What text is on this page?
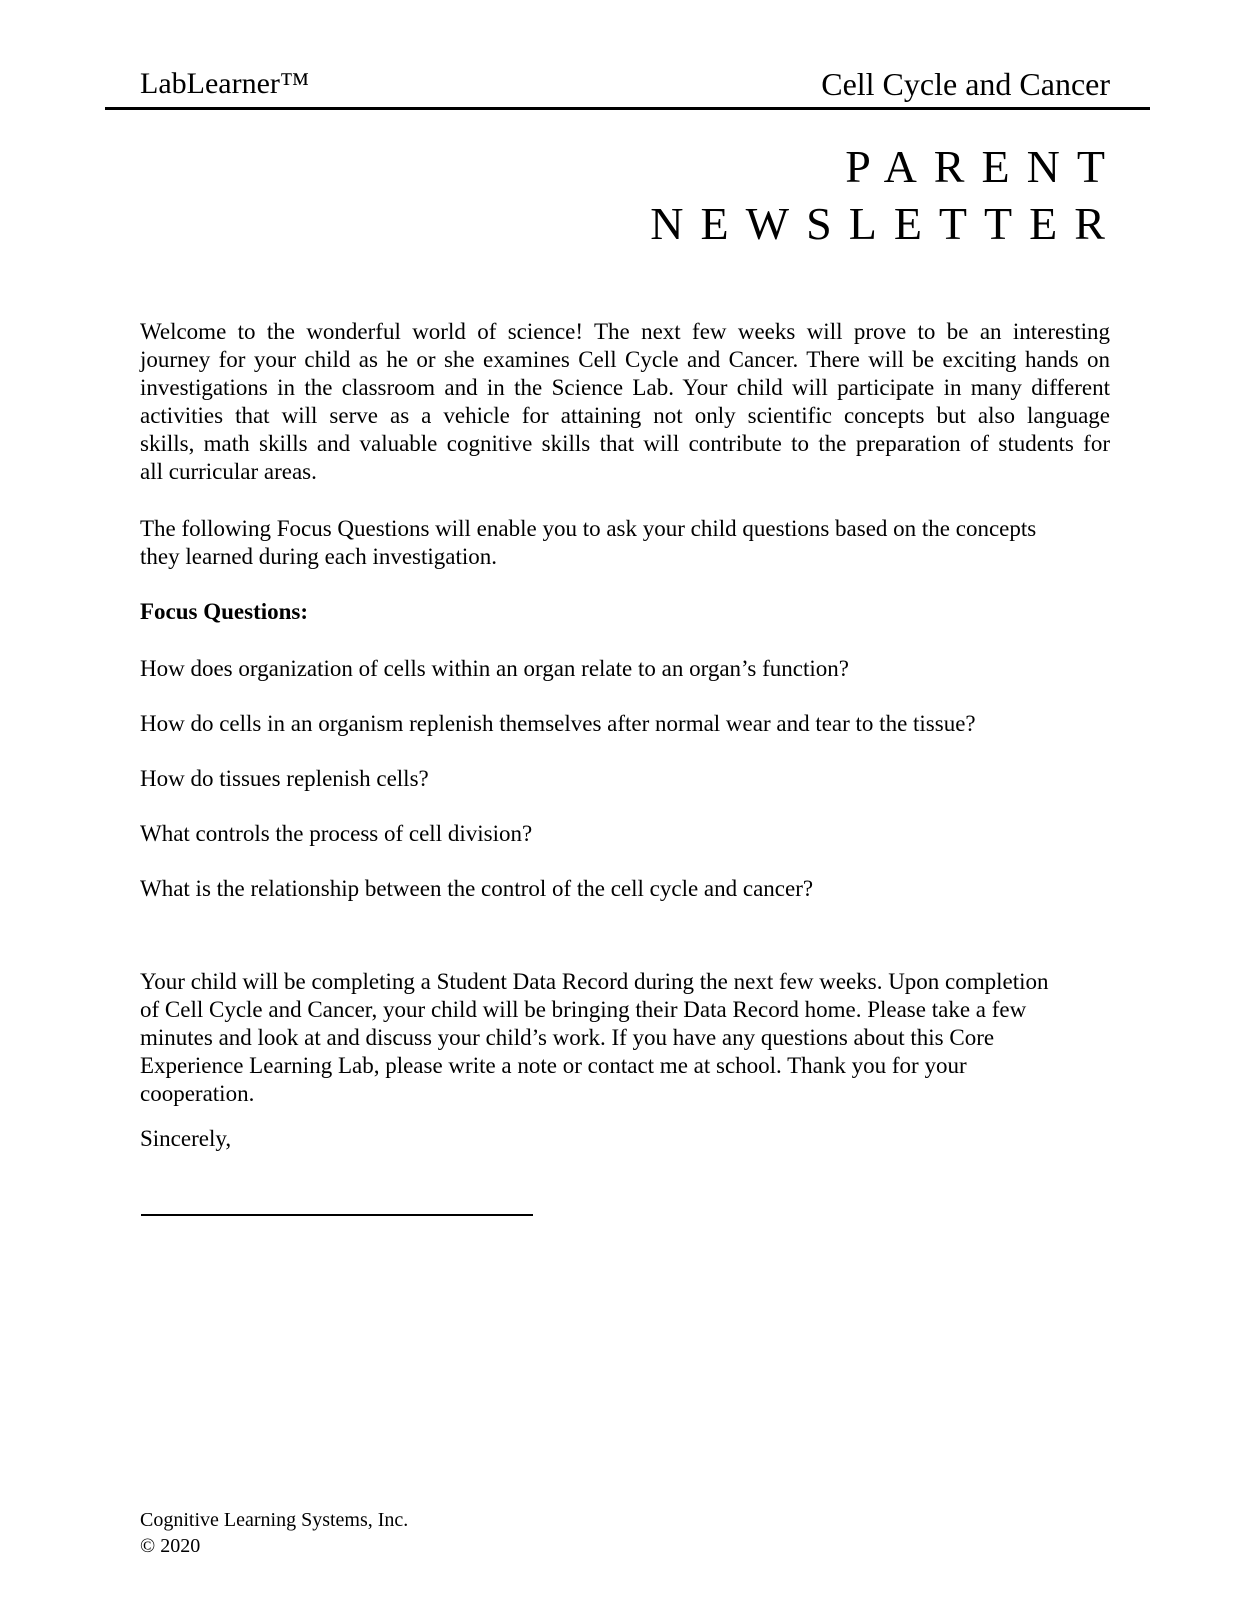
LabLearner™	Cell Cycle and Cancer
PARENT
NEWSLETTER
Welcome to the wonderful world of science! The next few weeks will prove to be an interesting
journey for your child as he or she examines Cell Cycle and Cancer. There will be exciting hands on
investigations in the classroom and in the Science Lab. Your child will participate in many different
activities that will serve as a vehicle for attaining not only scientific concepts but also language
skills, math skills and valuable cognitive skills that will contribute to the preparation of students for
all curricular areas.
The following Focus Questions will enable you to ask your child questions based on the concepts
they learned during each investigation.
Focus Questions:
How does organization of cells within an organ relate to an organ’s function?
How do cells in an organism replenish themselves after normal wear and tear to the tissue?
How do tissues replenish cells?
What controls the process of cell division?
What is the relationship between the control of the cell cycle and cancer?
Your child will be completing a Student Data Record during the next few weeks. Upon completion
of Cell Cycle and Cancer, your child will be bringing their Data Record home. Please take a few
minutes and look at and discuss your child’s work. If you have any questions about this Core
Experience Learning Lab, please write a note or contact me at school. Thank you for your
cooperation.
Sincerely,
Cognitive Learning Systems, Inc.
© 2020
